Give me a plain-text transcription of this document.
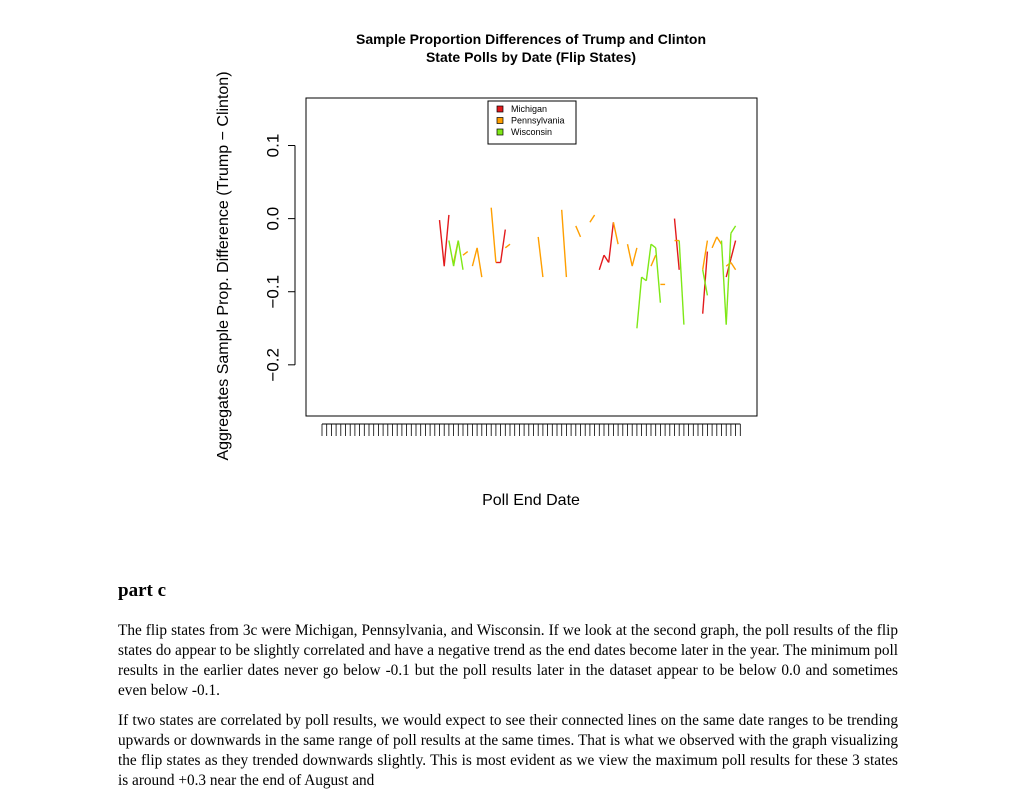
Sample Proportion Differences of Trump and Clinton
State Polls by Date (Flip States)
−0.2
−0.1
0.0
0.1
Michigan
Pennsylvania
Wisconsin
Aggregates Sample Prop. Difference (Trump − Clinton)
Poll End Date
part c

The flip states from 3c were Michigan, Pennsylvania, and Wisconsin. If we look at the second graph, the poll results of the flip states do appear to be slightly correlated and have a negative trend as the end dates become later in the year. The minimum poll results in the earlier dates never go below -0.1 but the poll results later in the dataset appear to be below 0.0 and sometimes even below -0.1.

If two states are correlated by poll results, we would expect to see their connected lines on the same date ranges to be trending upwards or downwards in the same range of poll results at the same times. That is what we observed with the graph visualizing the flip states as they trended downwards slightly. This is most evident as we view the maximum poll results for these 3 states is around +0.3 near the end of August and
